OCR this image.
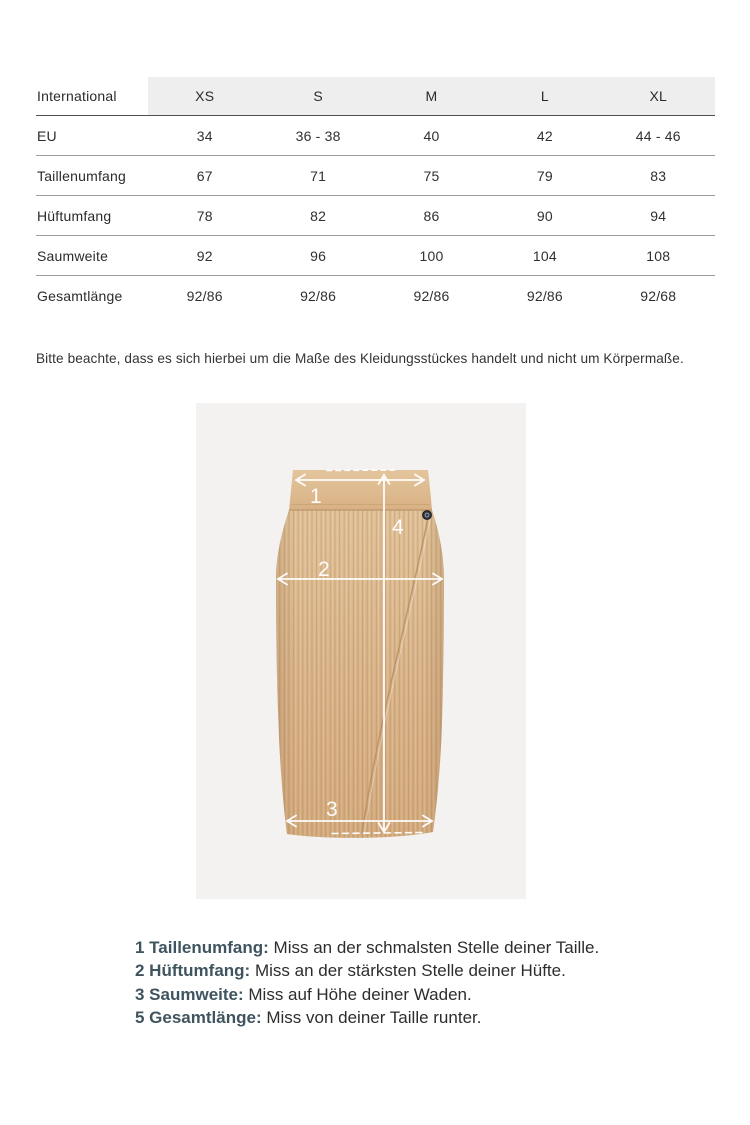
International	XS	S	M	L	XL
EU	34	36 - 38	40	42	44 - 46
Taillenumfang	67	71	75	79	83
Hüftumfang	78	82	86	90	94
Saumweite	92	96	100	104	108
Gesamtlänge	92/86	92/86	92/86	92/86	92/68

Bitte beachte, dass es sich hierbei um die Maße des Kleidungsstückes handelt und nicht um Körpermaße.

1
2
3
4

1 Taillenumfang: Miss an der schmalsten Stelle deiner Taille.

2 Hüftumfang: Miss an der stärksten Stelle deiner Hüfte.

3 Saumweite: Miss auf Höhe deiner Waden.

5 Gesamtlänge: Miss von deiner Taille runter.
